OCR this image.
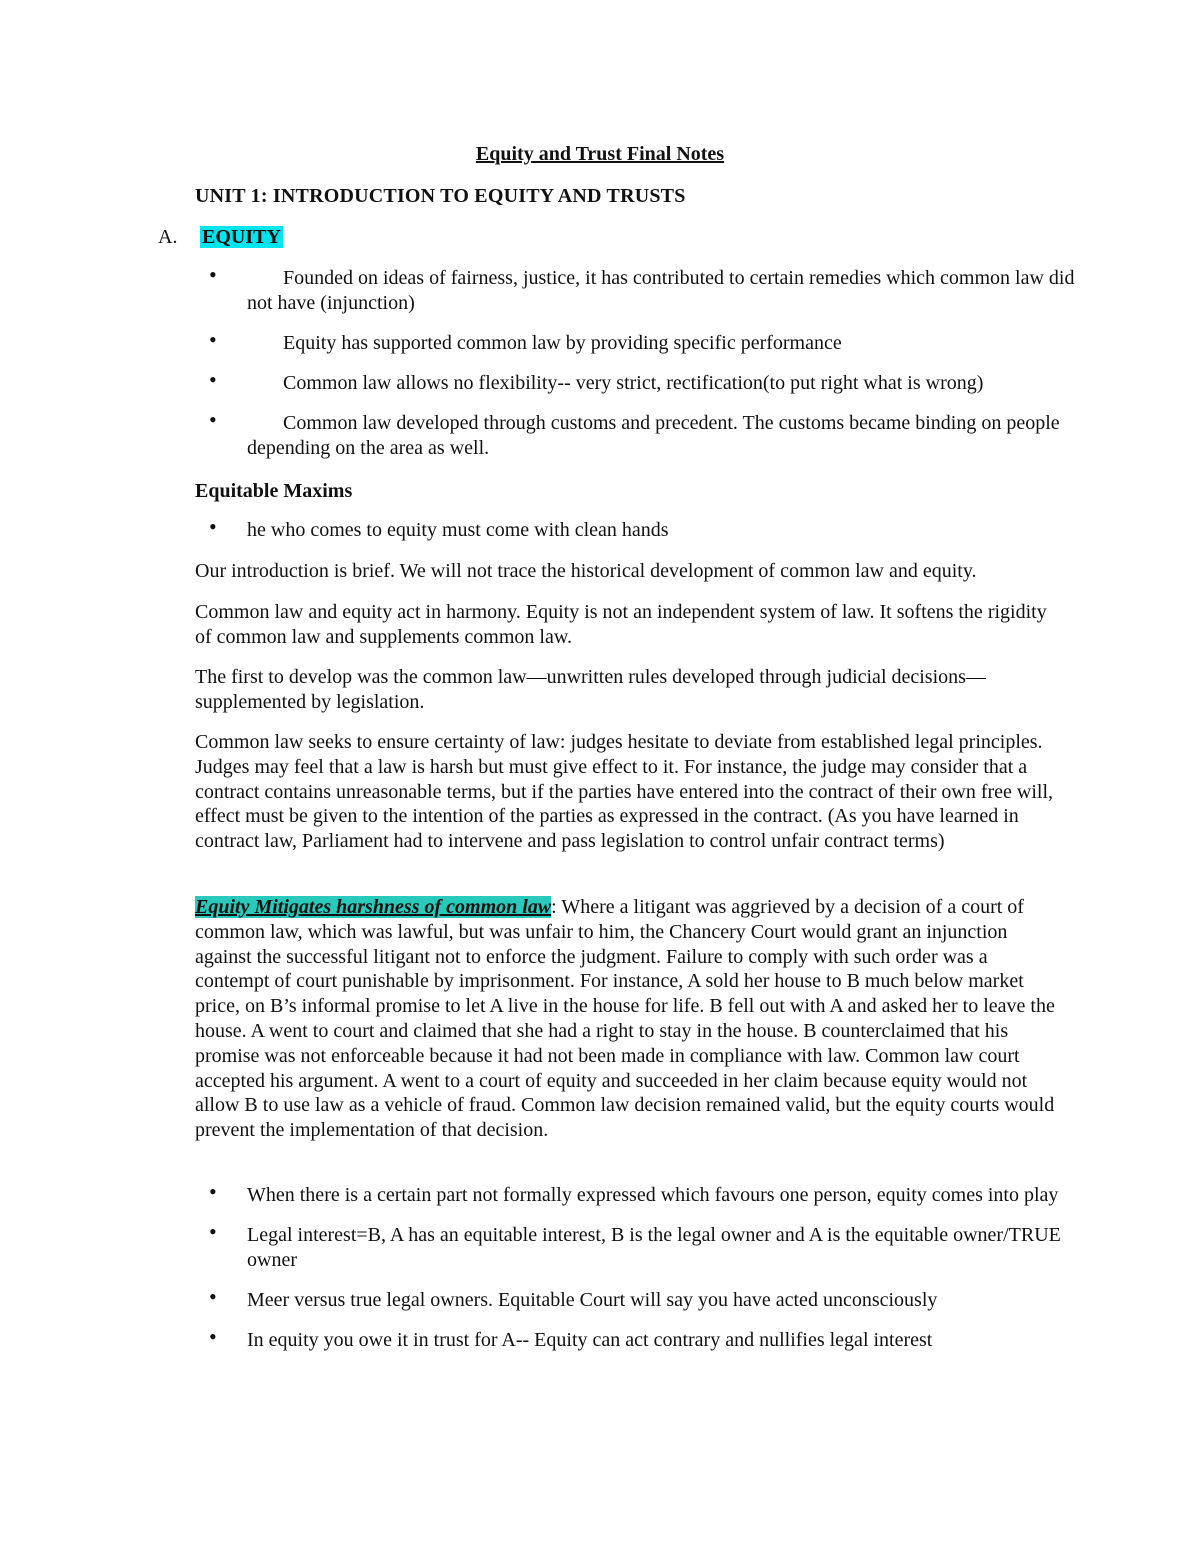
Equity and Trust Final Notes
UNIT 1: INTRODUCTION TO EQUITY AND TRUSTS
A. EQUITY
•	Founded on ideas of fairness, justice, it has contributed to certain remedies which common law did not have (injunction)
•	Equity has supported common law by providing specific performance
•	Common law allows no flexibility-- very strict, rectification(to put right what is wrong)
•	Common law developed through customs and precedent. The customs became binding on people depending on the area as well.
Equitable Maxims
• he who comes to equity must come with clean hands

Our introduction is brief. We will not trace the historical development of common law and equity.

Common law and equity act in harmony. Equity is not an independent system of law. It softens the rigidity of common law and supplements common law.

The first to develop was the common law—unwritten rules developed through judicial decisions— supplemented by legislation.

Common law seeks to ensure certainty of law: judges hesitate to deviate from established legal principles. Judges may feel that a law is harsh but must give effect to it. For instance, the judge may consider that a contract contains unreasonable terms, but if the parties have entered into the contract of their own free will, effect must be given to the intention of the parties as expressed in the contract. (As you have learned in contract law, Parliament had to intervene and pass legislation to control unfair contract terms)

Equity Mitigates harshness of common law: Where a litigant was aggrieved by a decision of a court of common law, which was lawful, but was unfair to him, the Chancery Court would grant an injunction against the successful litigant not to enforce the judgment. Failure to comply with such order was a contempt of court punishable by imprisonment. For instance, A sold her house to B much below market price, on B’s informal promise to let A live in the house for life. B fell out with A and asked her to leave the house. A went to court and claimed that she had a right to stay in the house. B counterclaimed that his promise was not enforceable because it had not been made in compliance with law. Common law court accepted his argument. A went to a court of equity and succeeded in her claim because equity would not allow B to use law as a vehicle of fraud. Common law decision remained valid, but the equity courts would prevent the implementation of that decision.

• When there is a certain part not formally expressed which favours one person, equity comes into play
• Legal interest=B, A has an equitable interest, B is the legal owner and A is the equitable owner/TRUE owner
• Meer versus true legal owners. Equitable Court will say you have acted unconsciously
• In equity you owe it in trust for A-- Equity can act contrary and nullifies legal interest
